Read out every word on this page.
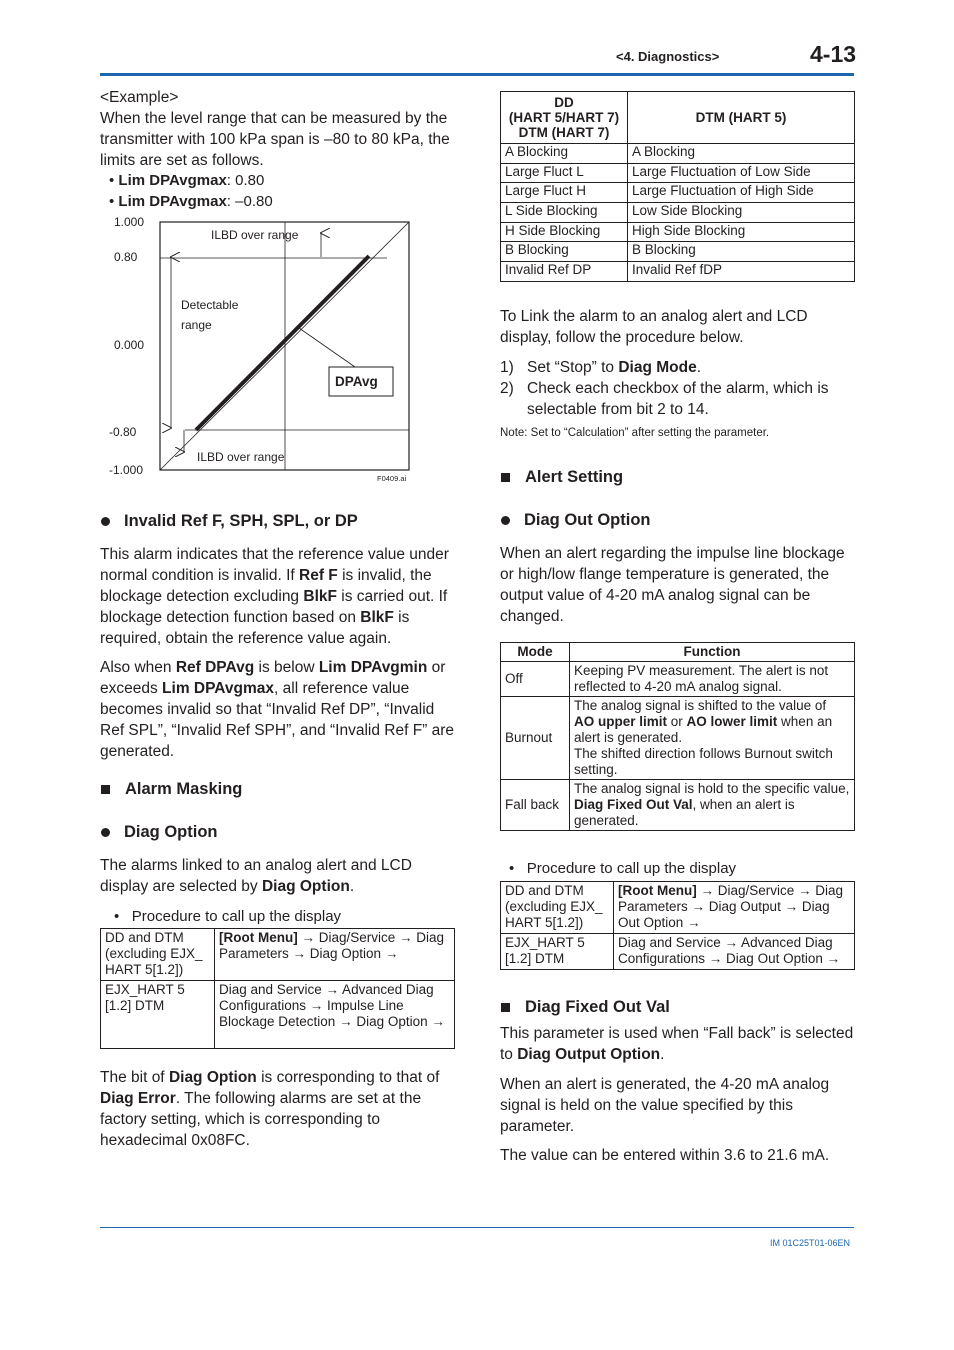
<4. Diagnostics>	4-13
<Example>
When the level range that can be measured by the transmitter with 100 kPa span is –80 to 80 kPa, the limits are set as follows.
• Lim DPAvgmax: 0.80
• Lim DPAvgmax: –0.80
DPAvg
1.000
0.80
0.000
-0.80
-1.000
ILBD over range
ILBD over range
Detectable
range
F0409.ai
Invalid Ref F, SPH, SPL, or DP
This alarm indicates that the reference value under normal condition is invalid. If Ref F is invalid, the blockage detection excluding BlkF is carried out. If blockage detection function based on BlkF is required, obtain the reference value again.
Also when Ref DPAvg is below Lim DPAvgmin or exceeds Lim DPAvgmax, all reference value becomes invalid so that “Invalid Ref DP”, “Invalid Ref SPL”, “Invalid Ref SPH”, and “Invalid Ref F” are generated.
Alarm Masking
Diag Option
The alarms linked to an analog alert and LCD display are selected by Diag Option.
•   Procedure to call up the display
DD and DTM (excluding EJX_ HART 5[1.2])	[Root Menu] → Diag/Service → Diag Parameters → Diag Option →
EJX_HART 5 [1.2] DTM	Diag and Service → Advanced Diag Configurations → Impulse Line Blockage Detection → Diag Option →
The bit of Diag Option is corresponding to that of Diag Error. The following alarms are set at the factory setting, which is corresponding to hexadecimal 0x08FC.
DD
(HART 5/HART 7)
DTM (HART 7)	DTM (HART 5)
A Blocking	A Blocking
Large Fluct L	Large Fluctuation of Low Side
Large Fluct H	Large Fluctuation of High Side
L Side Blocking	Low Side Blocking
H Side Blocking	High Side Blocking
B Blocking	B Blocking
Invalid Ref DP	Invalid Ref fDP
To Link the alarm to an analog alert and LCD display, follow the procedure below.
1) Set “Stop” to Diag Mode.
2) Check each checkbox of the alarm, which is selectable from bit 2 to 14.
Note: Set to “Calculation” after setting the parameter.
Alert Setting
Diag Out Option
When an alert regarding the impulse line blockage or high/low flange temperature is generated, the output value of 4-20 mA analog signal can be changed.
Mode	Function
Off	Keeping PV measurement. The alert is not reflected to 4-20 mA analog signal.
Burnout	The analog signal is shifted to the value of AO upper limit or AO lower limit when an alert is generated.
The shifted direction follows Burnout switch setting.
Fall back	The analog signal is hold to the specific value, Diag Fixed Out Val, when an alert is generated.
•   Procedure to call up the display
DD and DTM (excluding EJX_ HART 5[1.2])	[Root Menu] → Diag/Service → Diag Parameters → Diag Output → Diag Out Option →
EJX_HART 5 [1.2] DTM	Diag and Service → Advanced Diag Configurations → Diag Out Option →
Diag Fixed Out Val
This parameter is used when “Fall back” is selected to Diag Output Option.
When an alert is generated, the 4-20 mA analog signal is held on the value specified by this parameter.
The value can be entered within 3.6 to 21.6 mA.
IM 01C25T01-06EN
